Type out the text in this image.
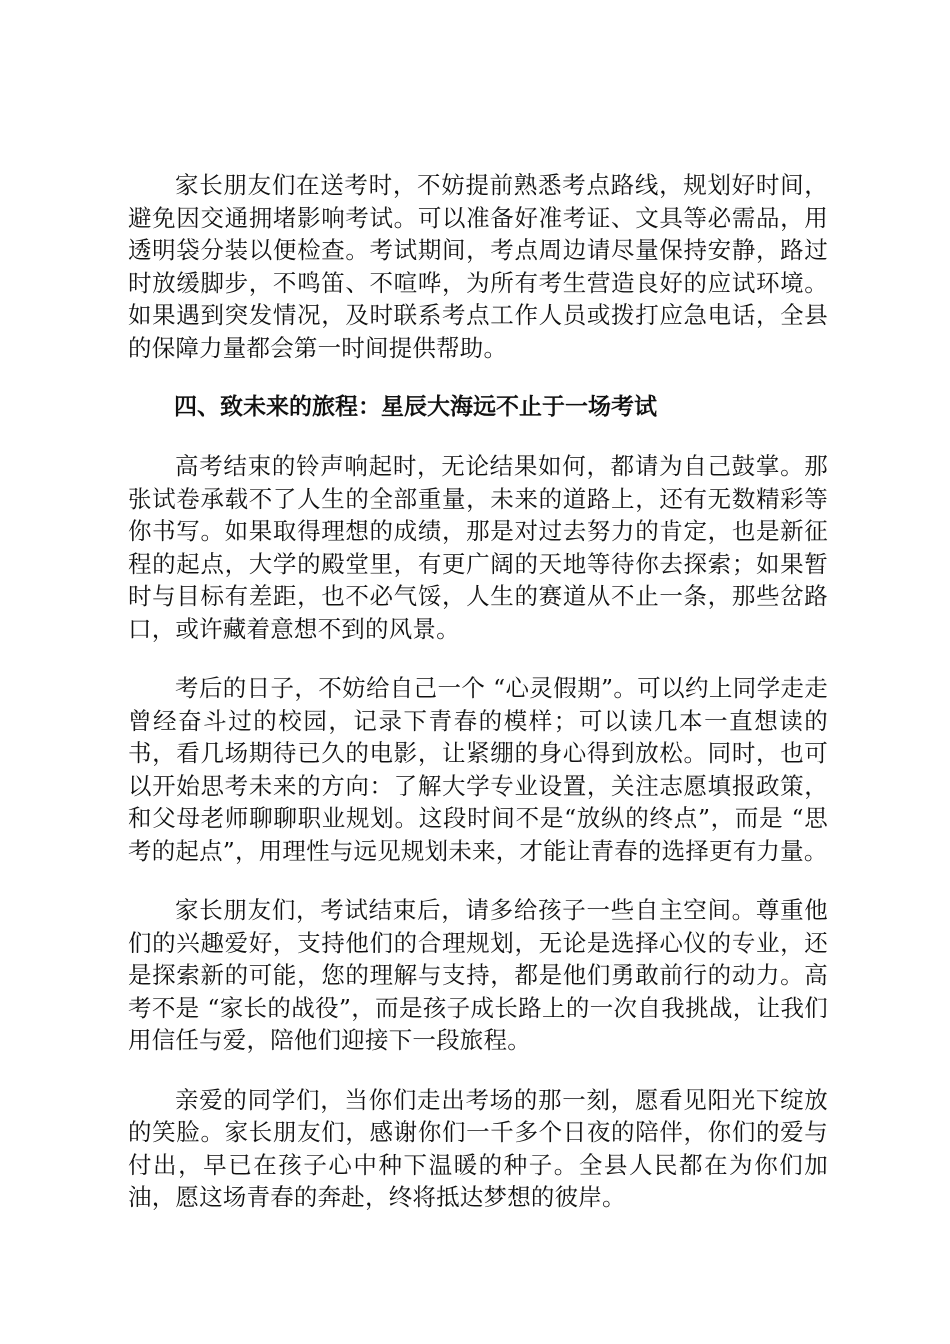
家长朋友们在送考时，不妨提前熟悉考点路线，规划好时间，避免因交通拥堵影响考试。可以准备好准考证、文具等必需品，用透明袋分装以便检查。考试期间，考点周边请尽量保持安静，路过时放缓脚步，不鸣笛、不喧哗，为所有考生营造良好的应试环境。如果遇到突发情况，及时联系考点工作人员或拨打应急电话，全县的保障力量都会第一时间提供帮助。

四、致未来的旅程：星辰大海远不止于一场考试

高考结束的铃声响起时，无论结果如何，都请为自己鼓掌。那张试卷承载不了人生的全部重量，未来的道路上，还有无数精彩等你书写。如果取得理想的成绩，那是对过去努力的肯定，也是新征程的起点，大学的殿堂里，有更广阔的天地等待你去探索；如果暂时与目标有差距，也不必气馁，人生的赛道从不止一条，那些岔路口，或许藏着意想不到的风景。

考后的日子，不妨给自己一个 “心灵假期”。可以约上同学走走曾经奋斗过的校园，记录下青春的模样；可以读几本一直想读的书，看几场期待已久的电影，让紧绷的身心得到放松。同时，也可以开始思考未来的方向：了解大学专业设置，关注志愿填报政策，和父母老师聊聊职业规划。这段时间不是“放纵的终点”，而是 “思考的起点”，用理性与远见规划未来，才能让青春的选择更有力量。

家长朋友们，考试结束后，请多给孩子一些自主空间。尊重他们的兴趣爱好，支持他们的合理规划，无论是选择心仪的专业，还是探索新的可能，您的理解与支持，都是他们勇敢前行的动力。高考不是 “家长的战役”，而是孩子成长路上的一次自我挑战，让我们用信任与爱，陪他们迎接下一段旅程。

亲爱的同学们，当你们走出考场的那一刻，愿看见阳光下绽放的笑脸。家长朋友们，感谢你们一千多个日夜的陪伴，你们的爱与付出，早已在孩子心中种下温暖的种子。全县人民都在为你们加油，愿这场青春的奔赴，终将抵达梦想的彼岸。
